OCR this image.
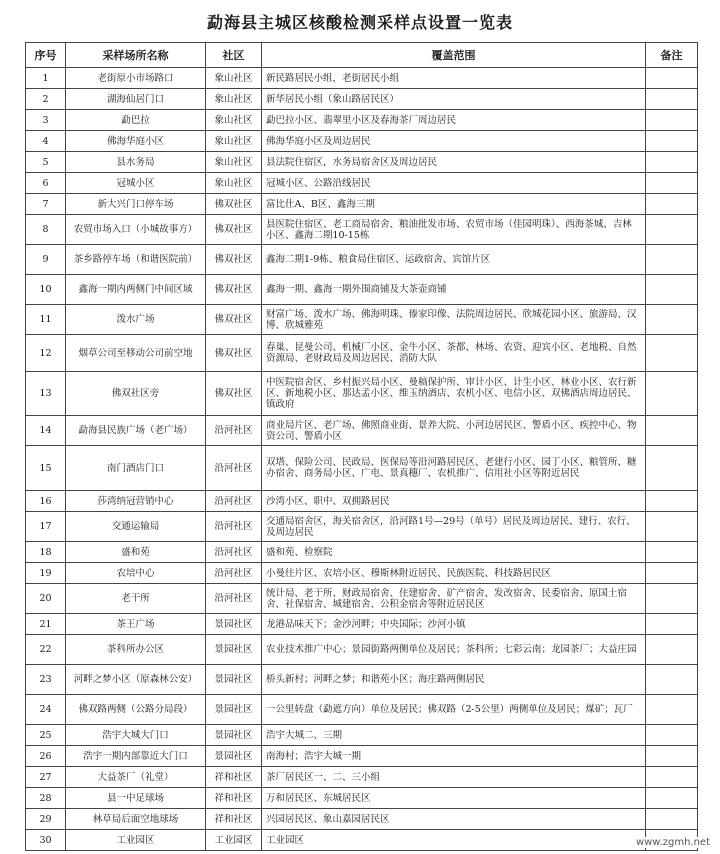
勐海县主城区核酸检测采样点设置一览表
序号	采样场所名称	社区	覆盖范围	备注
1	老街原小市场路口	象山社区	新民路居民小组，老街居民小组	
2	湖海仙居门口	象山社区	新华居民小组（象山路居民区）	
3	勐巴拉	象山社区	勐巴拉小区、翡翠里小区及春海茶厂周边居民	
4	佛海华庭小区	象山社区	佛海华庭小区及周边居民	
5	县水务局	象山社区	县法院住宿区，水务局宿舍区及周边居民	
6	冠城小区	象山社区	冠城小区、公路沿线居民	
7	新大兴门口停车场	佛双社区	富比仕A、B区、鑫海三期	
8	农贸市场入口（小城故事方）	佛双社区	县医院住宿区、老工商局宿舍、粮油批发市场、农贸市场（佳园明珠）、西海茶城、吉林小区、鑫海二期10-15栋	
9	茶乡路停车场（和谐医院前）	佛双社区	鑫海二期1-9栋、粮食局住宿区、运政宿舍、宾馆片区	
10	鑫海一期内两侧门中间区域	佛双社区	鑫海一期、鑫海一期外围商铺及大茶壶商铺	
11	泼水广场	佛双社区	财富广场、泼水广场、佛海明珠、傣家印像、法院周边居民、欣城花园小区、旅游局、汉博、欣城雅苑	
12	烟草公司至移动公司前空地	佛双社区	春巢、昆曼公司、机械厂小区、金牛小区、茶都、林场、农资、迎宾小区、老地税、自然资源局、老财政局及周边居民、消防大队	
13	佛双社区旁	佛双社区	中医院宿舍区、乡村振兴局小区、曼稿保护所、审计小区、计生小区、林业小区、农行新区、新地税小区、那达孟小区、维玉纳酒店、农机小区、电信小区、双佛酒店周边居民、镇政府	
14	勐海县民族广场（老广场）	沿河社区	商业局片区、老广场、佛照商业街、景养大院、小河边居民区、警盾小区、疾控中心、物资公司、警盾小区	
15	南门酒店门口	沿河社区	双塔、保险公司、民政局、医保局等沿河路居民区、老建行小区、园丁小区、粮管所、糖办宿舍、商务局小区、广电、景真穗厂、农机推广、信用社小区等附近居民	
16	莎湾纳冠营销中心	沿河社区	沙湾小区、职中、双拥路居民	
17	交通运输局	沿河社区	交通局宿舍区，海关宿舍区，沿河路1号—29号（单号）居民及周边居民、建行、农行、及周边居民	
18	盛和苑	沿河社区	盛和苑、检察院	
19	农培中心	沿河社区	小曼往片区、农培小区、穆斯林附近居民、民族医院、科技路居民区	
20	老干所	沿河社区	统计局、老干所、财政局宿舍、住建宿舍、矿产宿舍、发改宿舍、民委宿舍、原国土宿舍、社保宿舍、城建宿舍、公积金宿舍等附近居民区	
21	茶王广场	景园社区	龙港品味天下；金沙河畔；中央国际；沙河小镇	
22	茶科所办公区	景园社区	农业技术推广中心；景园街路两侧单位及居民；茶科所；七彩云南；龙园茶厂；大益庄园	
23	河畔之梦小区（原森林公安）	景园社区	桥头新村；河畔之梦；和谐苑小区；海庄路两侧居民	
24	佛双路两侧（公路分局段）	景园社区	一公里转盘（勐遮方向）单位及居民；佛双路（2-5公里）两侧单位及居民；煤矿；瓦厂	
25	浩宇大城大门口	景园社区	浩宇大城二、三期	
26	浩宇一期内部靠近大门口	景园社区	南海村；浩宇大城一期	
27	大益茶厂（礼堂）	祥和社区	茶厂居民区一、二、三小组	
28	县一中足球场	祥和社区	万和居民区、东城居民区	
29	林草局后面空地球场	祥和社区	兴园居民区、象山嘉园居民区	
30	工业园区	工业园区	工业园区		www.zgmh.net
